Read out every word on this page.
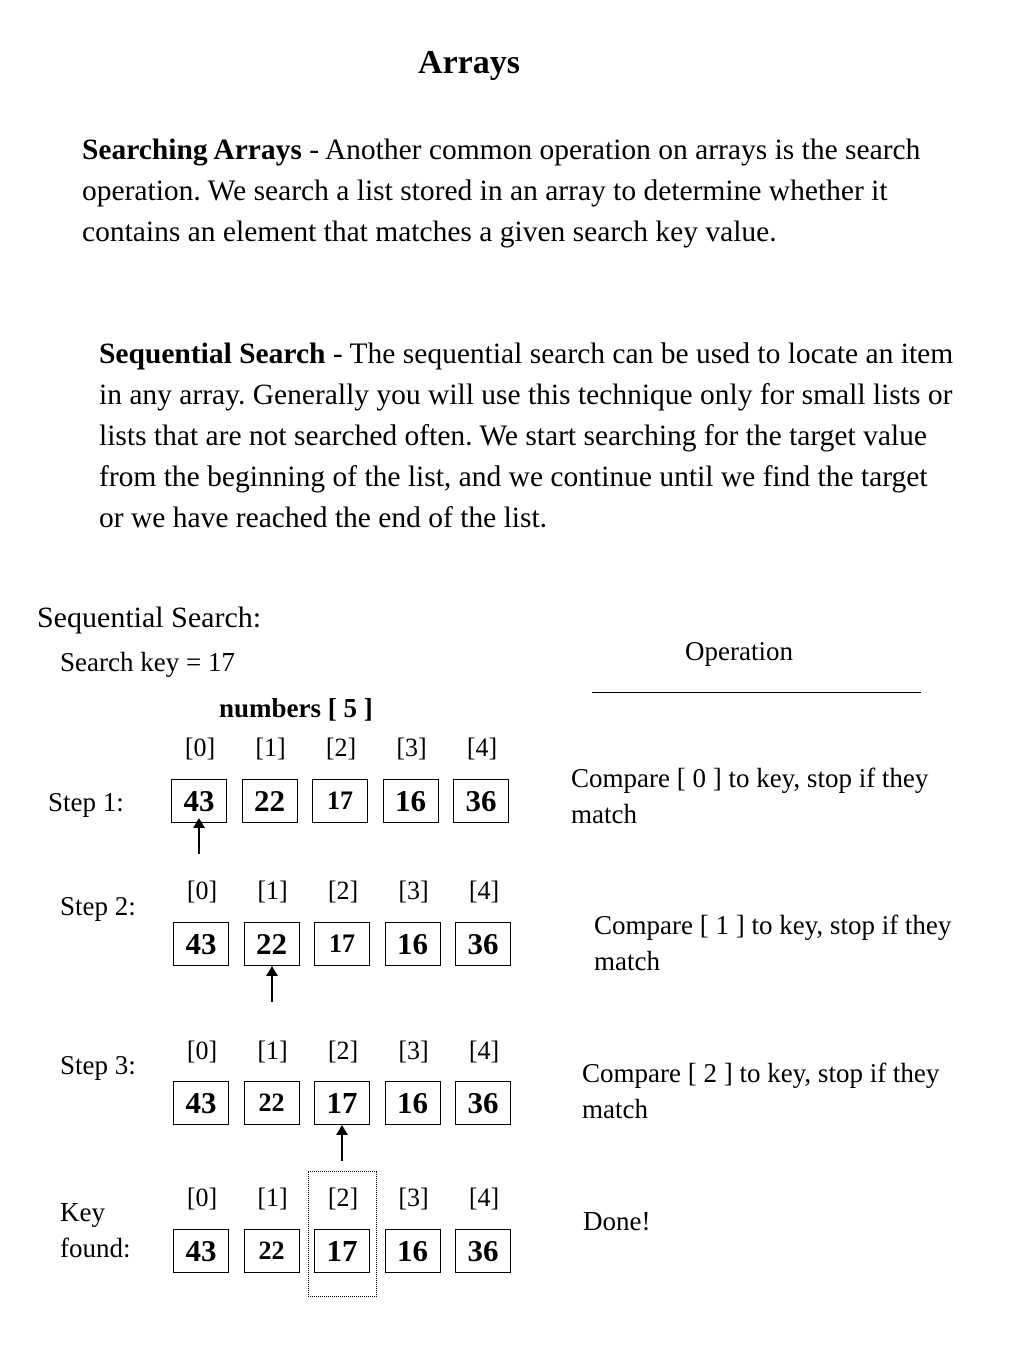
Arrays
Searching Arrays - Another common operation on arrays is the search operation. We search a list stored in an array to determine whether it contains an element that matches a given search key value.
Sequential Search - The sequential search can be used to locate an item in any array. Generally you will use this technique only for small lists or lists that are not searched often. We start searching for the target value from the beginning of the list, and we continue until we find the target or we have reached the end of the list.
Sequential Search:
Search key = 17	Operation
numbers [ 5 ]
Step 1:
[0]	[1]	[2]	[3]	[4]
43	22	17	16	36
Compare [ 0 ] to key, stop if they match
Step 2:
[0]	[1]	[2]	[3]	[4]
43	22	17	16	36
Compare [ 1 ] to key, stop if they match
Step 3:	[0]	[1]	[2]	[3]	[4]
43	22	17	16	36
Compare [ 2 ] to key, stop if they match
Key found:
[0]	[1]	[2]	[3]	[4]
43	22	17	16	36
Done!
